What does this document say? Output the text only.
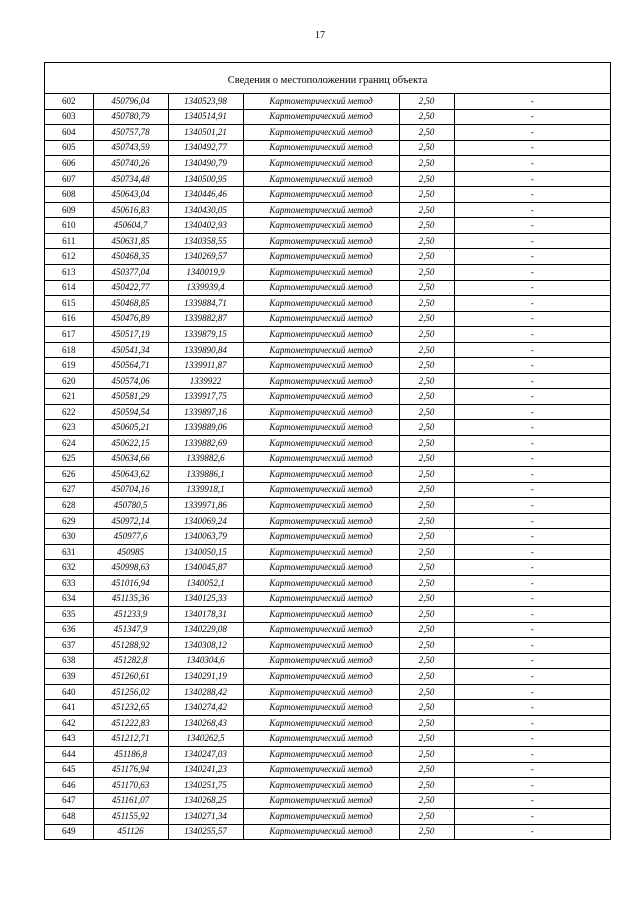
17
Сведения о местоположении границ объекта
602	450796,04	1340523,98	Картометрический метод	2,50	-
603	450780,79	1340514,91	Картометрический метод	2,50	-
604	450757,78	1340501,21	Картометрический метод	2,50	-
605	450743,59	1340492,77	Картометрический метод	2,50	-
606	450740,26	1340490,79	Картометрический метод	2,50	-
607	450734,48	1340500,95	Картометрический метод	2,50	-
608	450643,04	1340446,46	Картометрический метод	2,50	-
609	450616,83	1340430,05	Картометрический метод	2,50	-
610	450604,7	1340402,93	Картометрический метод	2,50	-
611	450631,85	1340358,55	Картометрический метод	2,50	-
612	450468,35	1340269,57	Картометрический метод	2,50	-
613	450377,04	1340019,9	Картометрический метод	2,50	-
614	450422,77	1339939,4	Картометрический метод	2,50	-
615	450468,85	1339884,71	Картометрический метод	2,50	-
616	450476,89	1339882,87	Картометрический метод	2,50	-
617	450517,19	1339879,15	Картометрический метод	2,50	-
618	450541,34	1339890,84	Картометрический метод	2,50	-
619	450564,71	1339911,87	Картометрический метод	2,50	-
620	450574,06	1339922	Картометрический метод	2,50	-
621	450581,29	1339917,75	Картометрический метод	2,50	-
622	450594,54	1339897,16	Картометрический метод	2,50	-
623	450605,21	1339889,06	Картометрический метод	2,50	-
624	450622,15	1339882,69	Картометрический метод	2,50	-
625	450634,66	1339882,6	Картометрический метод	2,50	-
626	450643,62	1339886,1	Картометрический метод	2,50	-
627	450704,16	1339918,1	Картометрический метод	2,50	-
628	450780,5	1339971,86	Картометрический метод	2,50	-
629	450972,14	1340069,24	Картометрический метод	2,50	-
630	450977,6	1340063,79	Картометрический метод	2,50	-
631	450985	1340050,15	Картометрический метод	2,50	-
632	450998,63	1340045,87	Картометрический метод	2,50	-
633	451016,94	1340052,1	Картометрический метод	2,50	-
634	451135,36	1340125,33	Картометрический метод	2,50	-
635	451233,9	1340178,31	Картометрический метод	2,50	-
636	451347,9	1340229,08	Картометрический метод	2,50	-
637	451288,92	1340308,12	Картометрический метод	2,50	-
638	451282,8	1340304,6	Картометрический метод	2,50	-
639	451260,61	1340291,19	Картометрический метод	2,50	-
640	451256,02	1340288,42	Картометрический метод	2,50	-
641	451232,65	1340274,42	Картометрический метод	2,50	-
642	451222,83	1340268,43	Картометрический метод	2,50	-
643	451212,71	1340262,5	Картометрический метод	2,50	-
644	451186,8	1340247,03	Картометрический метод	2,50	-
645	451176,94	1340241,23	Картометрический метод	2,50	-
646	451170,63	1340251,75	Картометрический метод	2,50	-
647	451161,07	1340268,25	Картометрический метод	2,50	-
648	451155,92	1340271,34	Картометрический метод	2,50	-
649	451126	1340255,57	Картометрический метод	2,50	-
